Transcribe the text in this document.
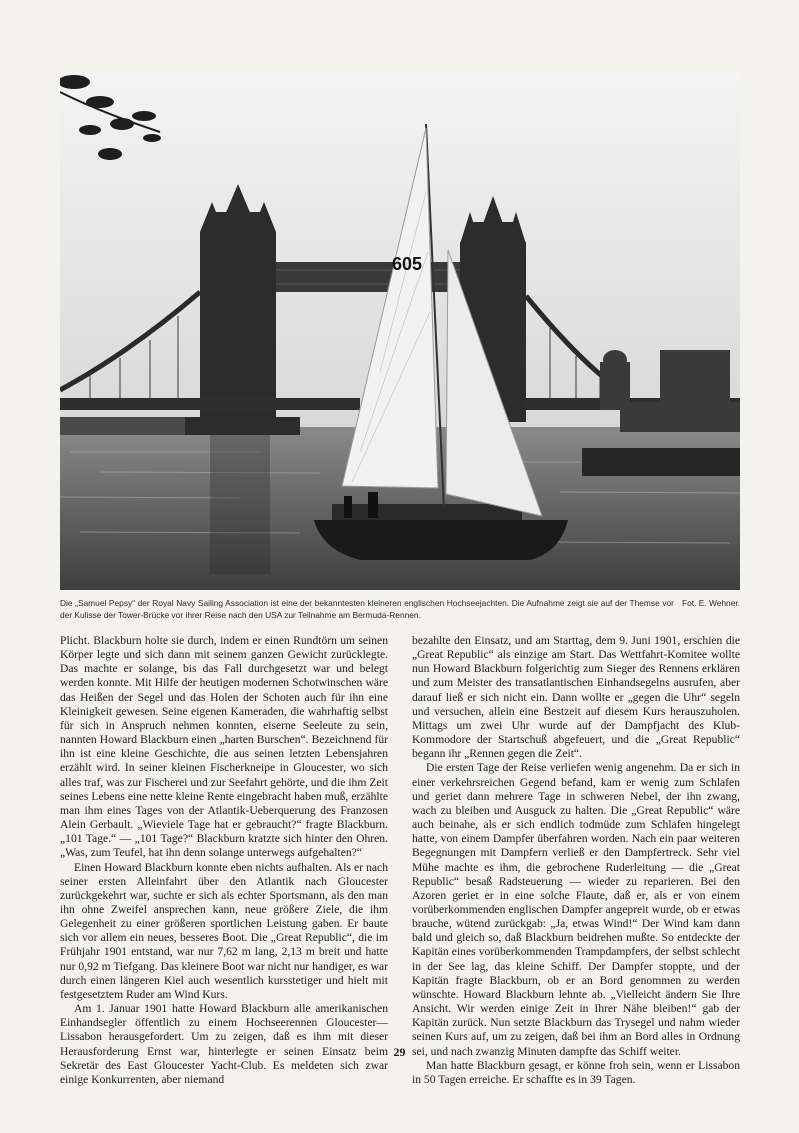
605
Fot. E. Wehner.
Die „Samuel Pepsy“ der Royal Navy Sailing Association ist eine der bekanntesten kleineren englischen Hochseejachten. Die Aufnahme zeigt sie auf der Themse vor der Kulisse der Tower-Brücke vor ihrer Reise nach den USA zur Teilnahme am Bermuda-Rennen.

Plicht. Blackburn holte sie durch, indem er einen Rundtörn um seinen Körper legte und sich dann mit seinem ganzen Gewicht zurücklegte. Das machte er solange, bis das Fall durchgesetzt war und belegt werden konnte. Mit Hilfe der heutigen modernen Schotwinschen wäre das Heißen der Segel und das Holen der Schoten auch für ihn eine Kleinigkeit gewesen. Seine eigenen Kameraden, die wahrhaftig selbst für sich in Anspruch nehmen konnten, eiserne Seeleute zu sein, nannten Howard Blackburn einen „harten Burschen“. Bezeichnend für ihn ist eine kleine Geschichte, die aus seinen letzten Lebensjahren erzählt wird. In seiner kleinen Fischerkneipe in Gloucester, wo sich alles traf, was zur Fischerei und zur Seefahrt gehörte, und die ihm Zeit seines Lebens eine nette kleine Rente eingebracht haben muß, erzählte man ihm eines Tages von der Atlantik-Ueberquerung des Franzosen Alein Gerbault. „Wieviele Tage hat er gebraucht?“ fragte Blackburn. „101 Tage.“ — „101 Tage?“ Blackburn kratzte sich hinter den Ohren. „Was, zum Teufel, hat ihn denn solange unterwegs aufgehalten?“

Einen Howard Blackburn konnte eben nichts aufhalten. Als er nach seiner ersten Alleinfahrt über den Atlantik nach Gloucester zurückgekehrt war, suchte er sich als echter Sportsmann, als den man ihn ohne Zweifel ansprechen kann, neue größere Ziele, die ihm Gelegenheit zu einer größeren sportlichen Leistung gaben. Er baute sich vor allem ein neues, besseres Boot. Die „Great Republic“, die im Frühjahr 1901 entstand, war nur 7,62 m lang, 2,13 m breit und hatte nur 0,92 m Tiefgang. Das kleinere Boot war nicht nur handiger, es war durch einen längeren Kiel auch wesentlich kursstetiger und hielt mit festgesetztem Ruder am Wind Kurs.

Am 1. Januar 1901 hatte Howard Blackburn alle amerikanischen Einhandsegler öffentlich zu einem Hochseerennen Gloucester—Lissabon herausgefordert. Um zu zeigen, daß es ihm mit dieser Herausforderung Ernst war, hinterlegte er seinen Einsatz beim Sekretär des East Gloucester Yacht-Club. Es meldeten sich zwar einige Konkurrenten, aber niemand

bezahlte den Einsatz, und am Starttag, dem 9. Juni 1901, erschien die „Great Republic“ als einzige am Start. Das Wettfahrt-Komitee wollte nun Howard Blackburn folgerichtig zum Sieger des Rennens erklären und zum Meister des transatlantischen Einhandsegelns ausrufen, aber darauf ließ er sich nicht ein. Dann wollte er „gegen die Uhr“ segeln und versuchen, allein eine Bestzeit auf diesem Kurs herauszuholen. Mittags um zwei Uhr wurde auf der Dampfjacht des Klub-Kommodore der Startschuß abgefeuert, und die „Great Republic“ begann ihr „Rennen gegen die Zeit“.

Die ersten Tage der Reise verliefen wenig angenehm. Da er sich in einer verkehrsreichen Gegend befand, kam er wenig zum Schlafen und geriet dann mehrere Tage in schweren Nebel, der ihn zwang, wach zu bleiben und Ausguck zu halten. Die „Great Republic“ wäre auch beinahe, als er sich endlich todmüde zum Schlafen hingelegt hatte, von einem Dampfer überfahren worden. Nach ein paar weiteren Begegnungen mit Dampfern verließ er den Dampfertreck. Sehr viel Mühe machte es ihm, die gebrochene Ruderleitung — die „Great Republic“ besaß Radsteuerung — wieder zu reparieren. Bei den Azoren geriet er in eine solche Flaute, daß er, als er von einem vorüberkommenden englischen Dampfer angepreit wurde, ob er etwas brauche, wütend zurückgab: „Ja, etwas Wind!“ Der Wind kam dann bald und gleich so, daß Blackburn beidrehen mußte. So entdeckte der Kapitän eines vorüberkommenden Trampdampfers, der selbst schlecht in der See lag, das kleine Schiff. Der Dampfer stoppte, und der Kapitän fragte Blackburn, ob er an Bord genommen zu werden wünschte. Howard Blackburn lehnte ab. „Vielleicht ändern Sie Ihre Ansicht. Wir werden einige Zeit in Ihrer Nähe bleiben!“ gab der Kapitän zurück. Nun setzte Blackburn das Trysegel und nahm wieder seinen Kurs auf, um zu zeigen, daß bei ihm an Bord alles in Ordnung sei, und nach zwanzig Minuten dampfte das Schiff weiter.

Man hatte Blackburn gesagt, er könne froh sein, wenn er Lissabon in 50 Tagen erreiche. Er schaffte es in 39 Tagen.

29
